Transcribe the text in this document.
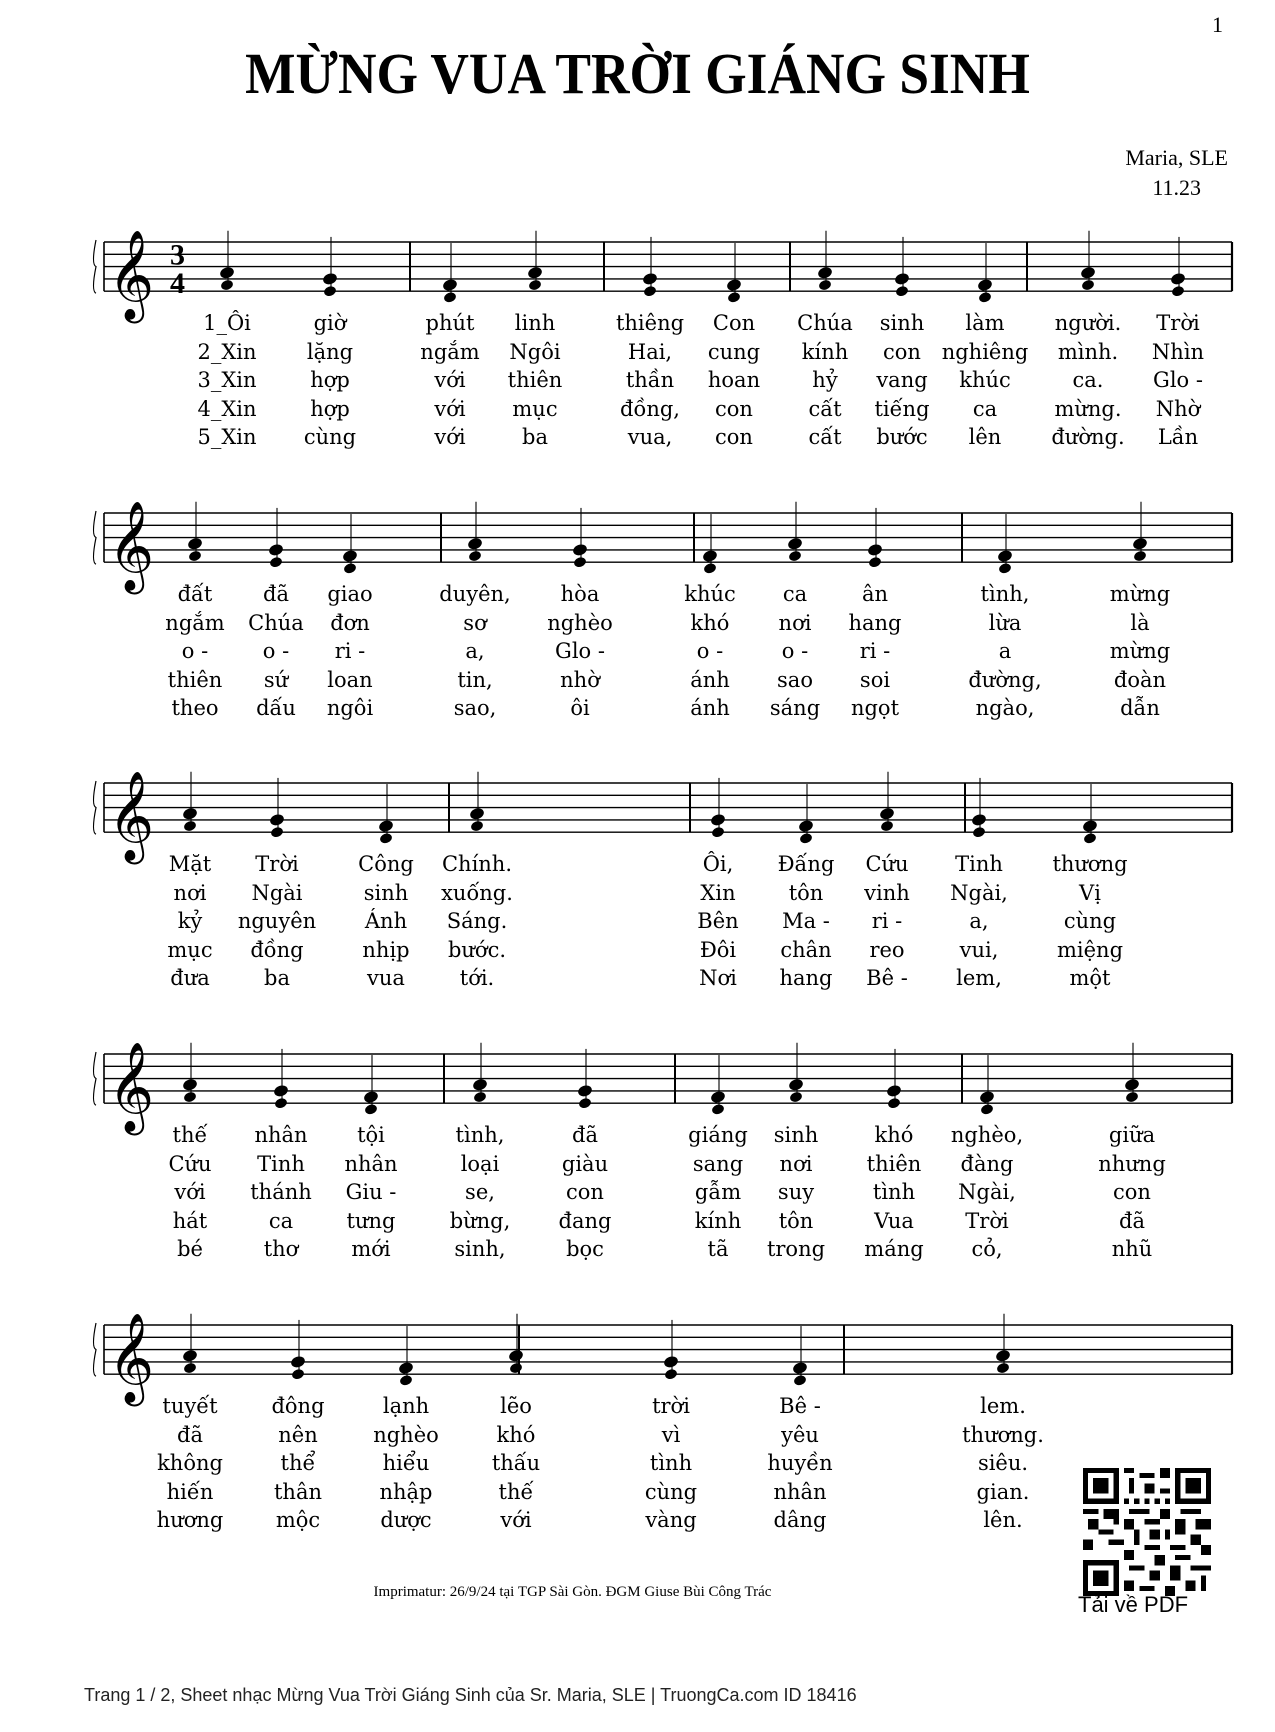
1
MỪNG VUA TRỜI GIÁNG SINH
Maria, SLE
11.23
𝄞 3
4
𝄞
𝄞
𝄞
𝄞
1_Ôi	giờ	phút linh	thiêng Con Chúa sinh làm người. Trời
2_Xin lặng	ngắm Ngôi	Hai, cung kính con nghiêng mình. Nhìn
3_Xin	hợp	với thiên	thần hoan hỷ vang khúc	ca. Glo -
4_Xin	hợp	với mục	đồng, con	cất tiếng ca	mừng. Nhờ
5_Xin cùng	với	ba	vua, con	cất bước lên đường. Lần
đất đã giao	duyên, hòa	khúc ca	ân	tình,	mừng
ngắm Chúa đơn	sơ	nghèo	khó nơi hang	lừa	là
o -	o - ri -	a,	Glo -	o -	o - ri -	a	mừng
thiên sứ loan	tin,	nhờ	ánh sao soi	đường,	đoàn
theo dấu ngôi	sao,	ôi	ánh sáng ngọt	ngào,	dẫn
Mặt Trời	Công Chính.	Ôi, Đấng Cứu Tinh thương
nơi Ngài	sinh xuống.	Xin	tôn vinh Ngài,	Vị
kỷ nguyên Ánh Sáng.	Bên Ma - ri -	a,	cùng
mục đồng	nhịp bước.	Đôi chân reo	vui,	miệng
đưa	ba	vua	tới.	Nơi hang Bê - lem,	một
thế nhân tội	tình,	đã	giáng sinh	khó nghèo,	giữa
Cứu Tinh nhân	loại	giàu	sang nơi	thiên đàng	nhưng
với thánh Giu -	se,	con	gẫm suy	tình Ngài,	con
hát	ca	tưng	bừng, đang	kính tôn	Vua Trời	đã
bé	thơ	mới	sinh,	bọc	tã trong máng cỏ,	nhũ
tuyết	đông	lạnh	lẽo	trời	Bê -	lem.
đã	nên	nghèo	khó	vì	yêu	thương.
không	thể	hiểu	thấu	tình	huyền	siêu.
hiến	thân	nhập	thế	cùng	nhân	gian.
hương	mộc	dược	với	vàng	dâng	lên.
Imprimatur: 26/9/24 tại TGP Sài Gòn. ĐGM Giuse Bùi Công Trác	Tải về PDF
Trang 1 / 2, Sheet nhạc Mừng Vua Trời Giáng Sinh của Sr. Maria, SLE | TruongCa.com ID 18416
